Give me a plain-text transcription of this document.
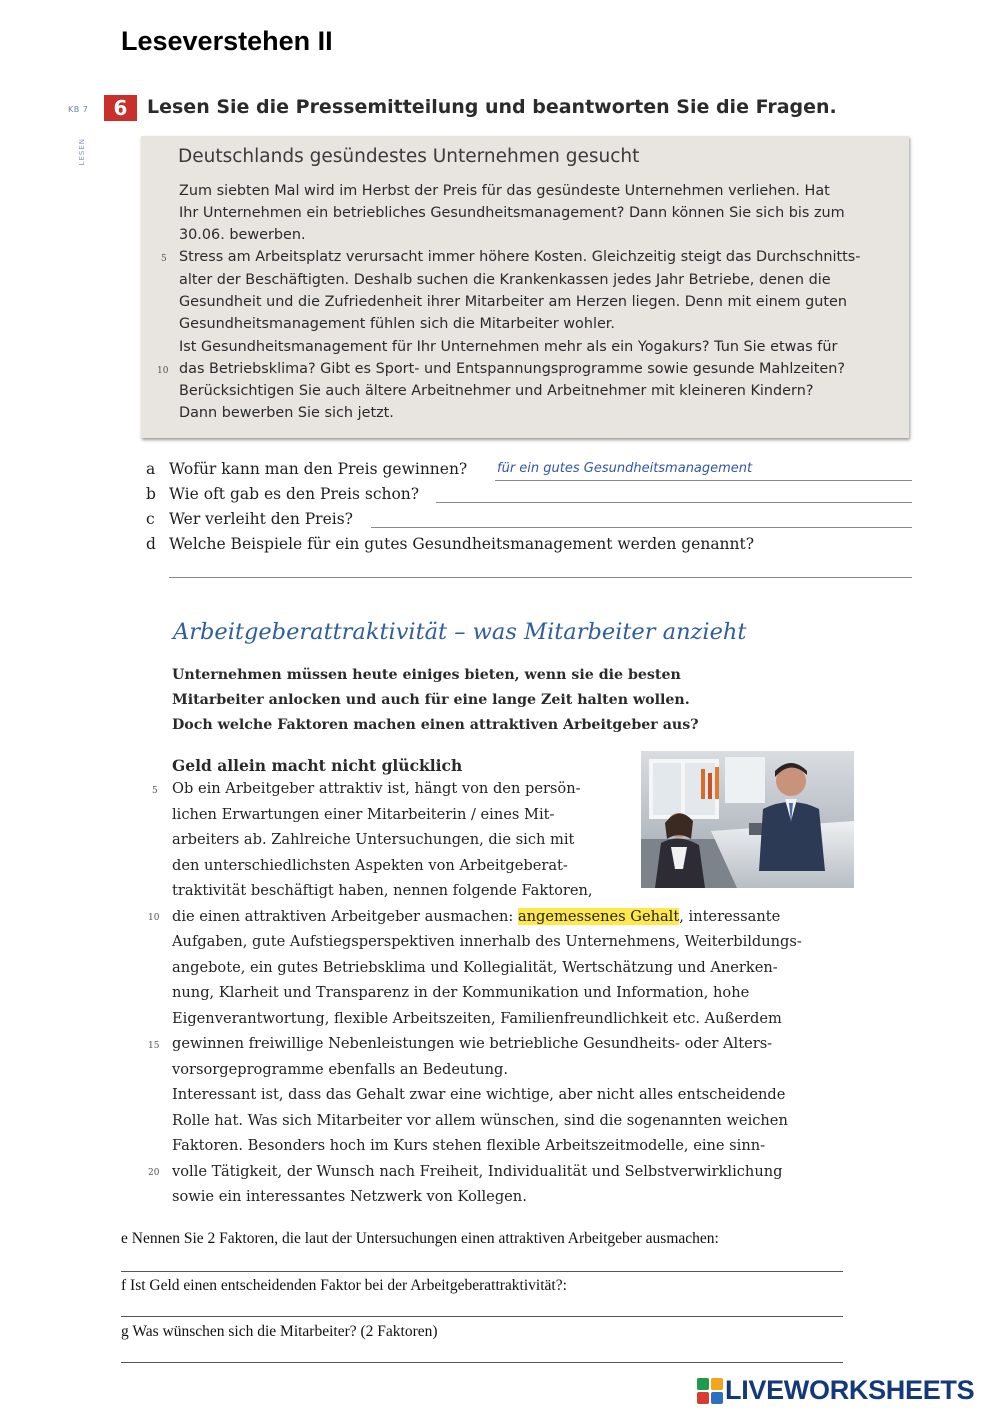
Leseverstehen II
KB 7	6	Lesen Sie die Pressemitteilung und beantworten Sie die Fragen.
LESEN	Deutschlands gesündestes Unternehmen gesucht
Zum siebten Mal wird im Herbst der Preis für das gesündeste Unternehmen verliehen. Hat
Ihr Unternehmen ein betriebliches Gesundheitsmanagement? Dann können Sie sich bis zum
30.06. bewerben.
Stress am Arbeitsplatz verursacht immer höhere Kosten. Gleichzeitig steigt das Durchschnitts-
alter der Beschäftigten. Deshalb suchen die Krankenkassen jedes Jahr Betriebe, denen die
Gesundheit und die Zufriedenheit ihrer Mitarbeiter am Herzen liegen. Denn mit einem guten
Gesundheitsmanagement fühlen sich die Mitarbeiter wohler.
Ist Gesundheitsmanagement für Ihr Unternehmen mehr als ein Yogakurs? Tun Sie etwas für
das Betriebsklima? Gibt es Sport- und Entspannungsprogramme sowie gesunde Mahlzeiten?
Berücksichtigen Sie auch ältere Arbeitnehmer und Arbeitnehmer mit kleineren Kindern?
Dann bewerben Sie sich jetzt.
5
10
a Wofür kann man den Preis gewinnen? für ein gutes Gesundheitsmanagement
b Wie oft gab es den Preis schon?
c Wer verleiht den Preis?
d Welche Beispiele für ein gutes Gesundheitsmanagement werden genannt?
Arbeitgeberattraktivität – was Mitarbeiter anzieht
Unternehmen müssen heute einiges bieten, wenn sie die besten
Mitarbeiter anlocken und auch für eine lange Zeit halten wollen.
Doch welche Faktoren machen einen attraktiven Arbeitgeber aus?
Geld allein macht nicht glücklich
Ob ein Arbeitgeber attraktiv ist, hängt von den persön-
lichen Erwartungen einer Mitarbeiterin / eines Mit-
arbeiters ab. Zahlreiche Untersuchungen, die sich mit
den unterschiedlichsten Aspekten von Arbeitgeberat-
traktivität beschäftigt haben, nennen folgende Faktoren,
die einen attraktiven Arbeitgeber ausmachen: angemessenes Gehalt, interessante
Aufgaben, gute Aufstiegsperspektiven innerhalb des Unternehmens, Weiterbildungs-
angebote, ein gutes Betriebsklima und Kollegialität, Wertschätzung und Anerken-
nung, Klarheit und Transparenz in der Kommunikation und Information, hohe
Eigenverantwortung, flexible Arbeitszeiten, Familienfreundlichkeit etc. Außerdem
gewinnen freiwillige Nebenleistungen wie betriebliche Gesundheits- oder Alters-
vorsorgeprogramme ebenfalls an Bedeutung.
Interessant ist, dass das Gehalt zwar eine wichtige, aber nicht alles entscheidende
Rolle hat. Was sich Mitarbeiter vor allem wünschen, sind die sogenannten weichen
Faktoren. Besonders hoch im Kurs stehen flexible Arbeitszeitmodelle, eine sinn-
volle Tätigkeit, der Wunsch nach Freiheit, Individualität und Selbstverwirklichung
sowie ein interessantes Netzwerk von Kollegen.
5
10
15
20
e Nennen Sie 2 Faktoren, die laut der Untersuchungen einen attraktiven Arbeitgeber ausmachen:
f Ist Geld einen entscheidenden Faktor bei der Arbeitgeberattraktivität?:
g Was wünschen sich die Mitarbeiter? (2 Faktoren)
LIVEWORKSHEETS
